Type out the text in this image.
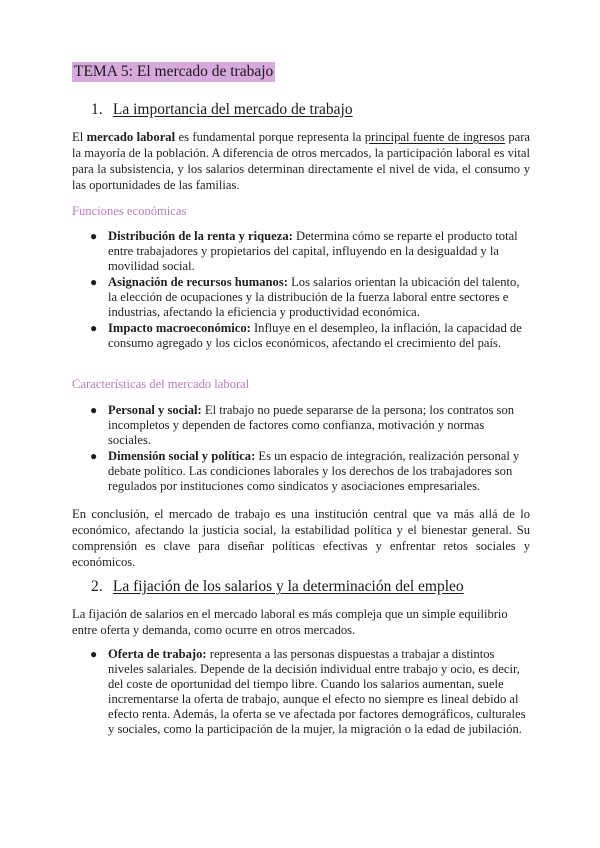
TEMA 5: El mercado de trabajo
1. La importancia del mercado de trabajo
El mercado laboral es fundamental porque representa la principal fuente de ingresos para la mayoría de la población. A diferencia de otros mercados, la participación laboral es vital para la subsistencia, y los salarios determinan directamente el nivel de vida, el consumo y las oportunidades de las familias.
Funciones económicas
● Distribución de la renta y riqueza: Determina cómo se reparte el producto total entre trabajadores y propietarios del capital, influyendo en la desigualdad y la movilidad social.
● Asignación de recursos humanos: Los salarios orientan la ubicación del talento, la elección de ocupaciones y la distribución de la fuerza laboral entre sectores e industrias, afectando la eficiencia y productividad económica.
● Impacto macroeconómico: Influye en el desempleo, la inflación, la capacidad de consumo agregado y los ciclos económicos, afectando el crecimiento del país.
Características del mercado laboral
● Personal y social: El trabajo no puede separarse de la persona; los contratos son incompletos y dependen de factores como confianza, motivación y normas sociales.
● Dimensión social y política: Es un espacio de integración, realización personal y debate político. Las condiciones laborales y los derechos de los trabajadores son regulados por instituciones como sindicatos y asociaciones empresariales.
En conclusión, el mercado de trabajo es una institución central que va más allá de lo económico, afectando la justicia social, la estabilidad política y el bienestar general. Su comprensión es clave para diseñar políticas efectivas y enfrentar retos sociales y económicos.
2. La fijación de los salarios y la determinación del empleo
La fijación de salarios en el mercado laboral es más compleja que un simple equilibrio entre oferta y demanda, como ocurre en otros mercados.
● Oferta de trabajo: representa a las personas dispuestas a trabajar a distintos niveles salariales. Depende de la decisión individual entre trabajo y ocio, es decir, del coste de oportunidad del tiempo libre. Cuando los salarios aumentan, suele incrementarse la oferta de trabajo, aunque el efecto no siempre es lineal debido al efecto renta. Además, la oferta se ve afectada por factores demográficos, culturales y sociales, como la participación de la mujer, la migración o la edad de jubilación.
